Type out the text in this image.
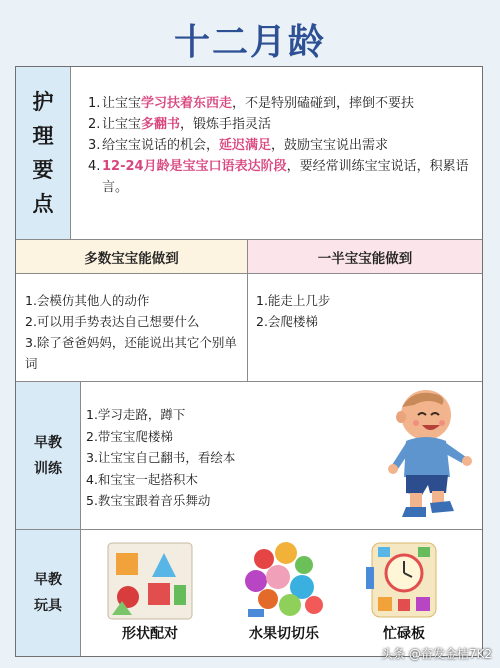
十二月龄
护
理
要
点
1. 让宝宝学习扶着东西走，不是特别磕碰到，摔倒不要扶
2. 让宝宝多翻书，锻炼手指灵活
3. 给宝宝说话的机会，延迟满足，鼓励宝宝说出需求
4. 12-24月龄是宝宝口语表达阶段，要经常训练宝宝说话，积累语言。
多数宝宝能做到	一半宝宝能做到
1.会模仿其他人的动作
2.可以用手势表达自己想要什么
3.除了爸爸妈妈，还能说出其它个别单词
1.能走上几步
2.会爬楼梯
早教
训练
1.学习走路，蹲下
2.带宝宝爬楼梯
3.让宝宝自己翻书，看绘本
4.和宝宝一起搭积木
5.教宝宝跟着音乐舞动
早教
玩具
形状配对	水果切切乐	忙碌板
头条 @奋发金桔7K2
